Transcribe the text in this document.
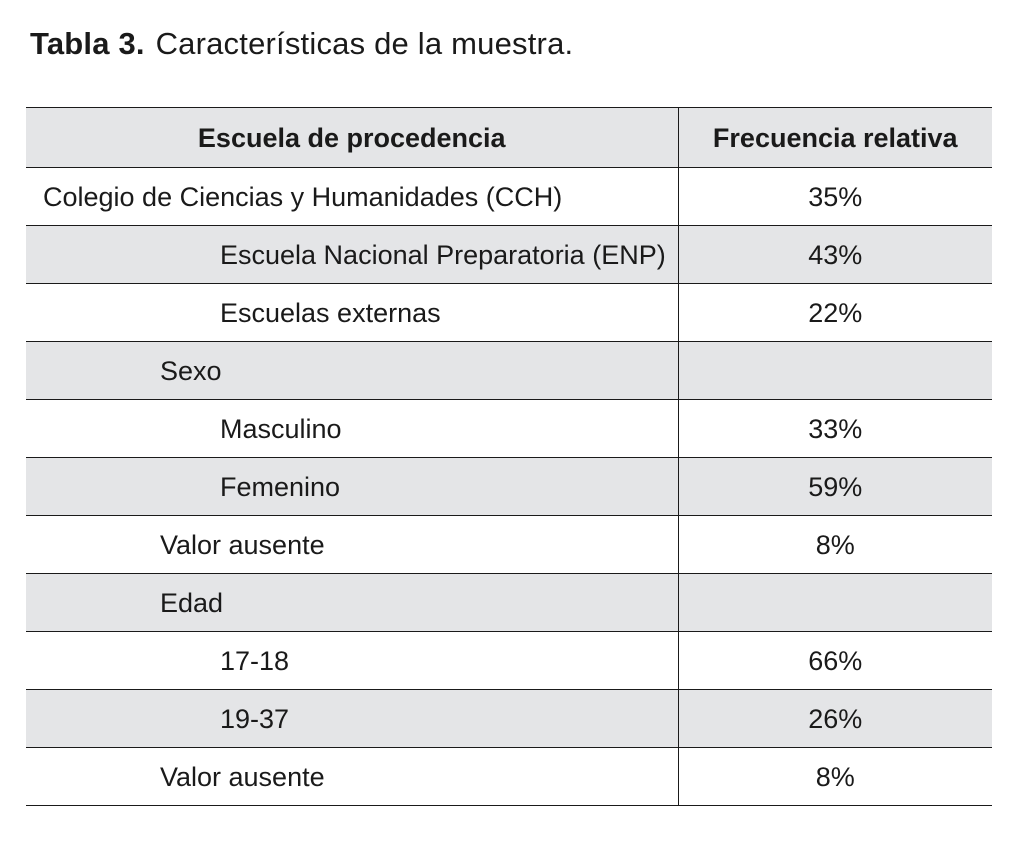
Tabla 3. Características de la muestra.
Escuela de procedencia	Frecuencia relativa
Colegio de Ciencias y Humanidades (CCH)	35%
Escuela Nacional Preparatoria (ENP)	43%
Escuelas externas	22%
Sexo	
Masculino	33%
Femenino	59%
Valor ausente	8%
Edad	
17-18	66%
19-37	26%
Valor ausente	8%
